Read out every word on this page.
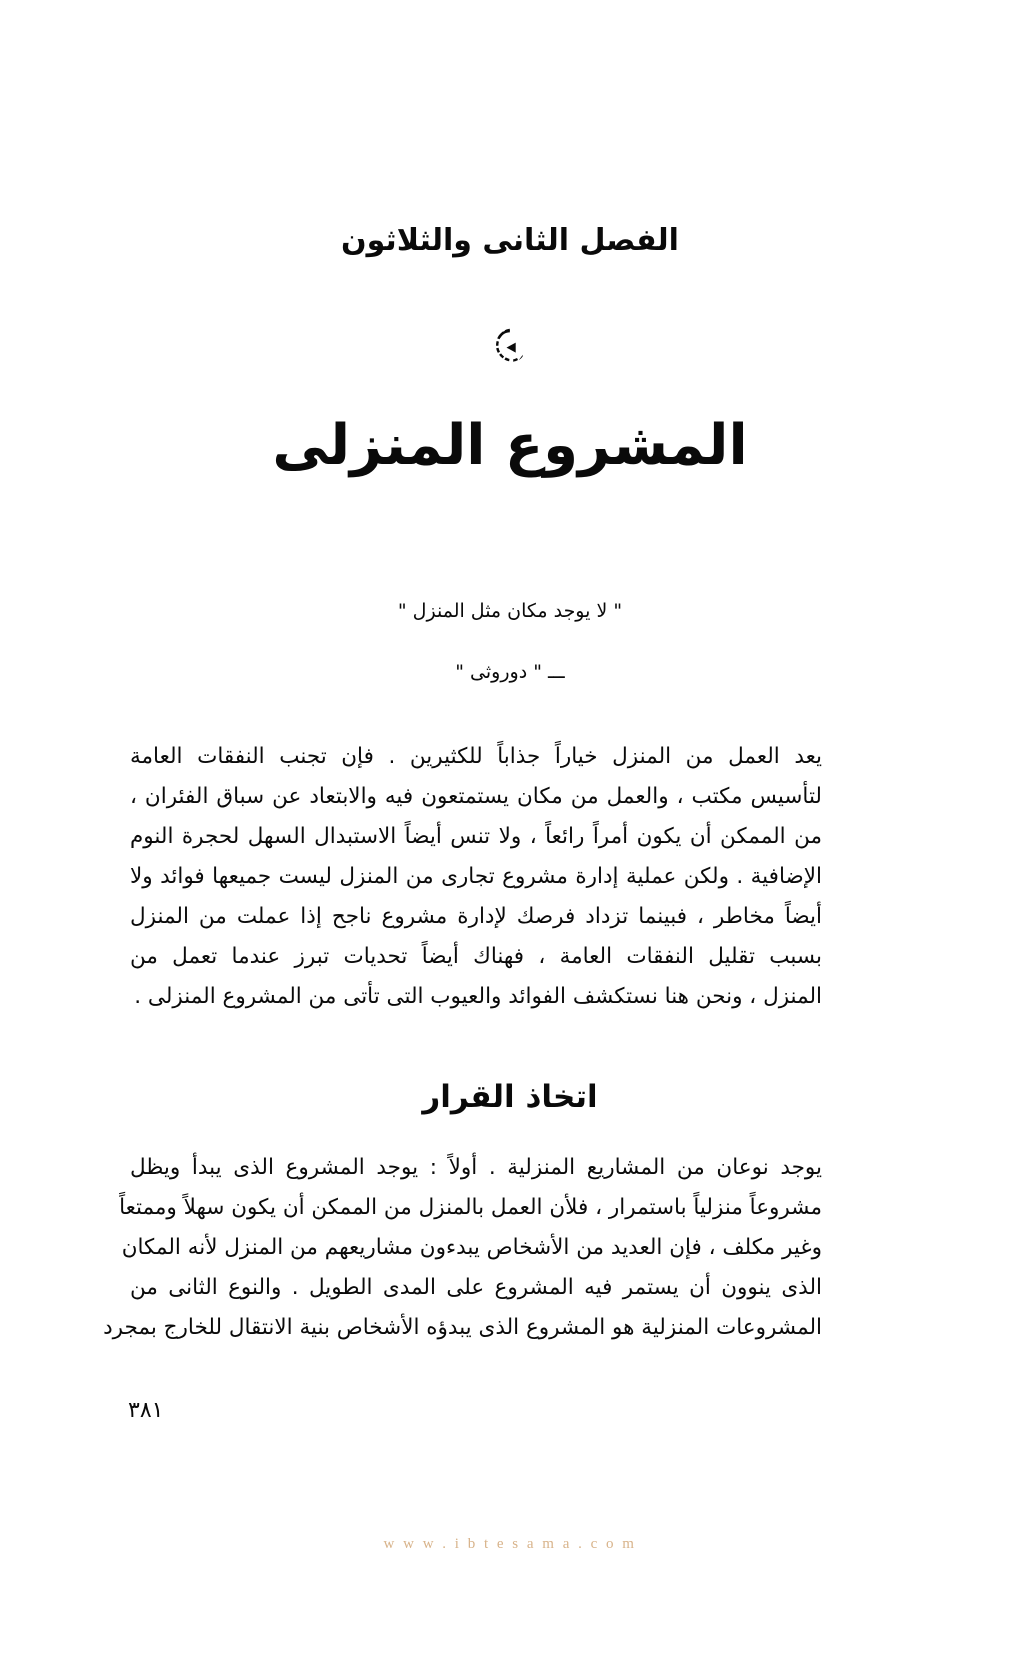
الفصل الثانى والثلاثون
المشروع المنزلى
" لا يوجد مكان مثل المنزل "
ـــ " دوروثى "
يعد العمل من المنزل خياراً جذاباً للكثيرين . فإن تجنب النفقات العامة
لتأسيس مكتب ، والعمل من مكان يستمتعون فيه والابتعاد عن سباق الفئران ،
من الممكن أن يكون أمراً رائعاً ، ولا تنس أيضاً الاستبدال السهل لحجرة النوم
الإضافية . ولكن عملية إدارة مشروع تجارى من المنزل ليست جميعها فوائد ولا
أيضاً مخاطر ، فبينما تزداد فرصك لإدارة مشروع ناجح إذا عملت من المنزل
بسبب تقليل النفقات العامة ، فهناك أيضاً تحديات تبرز عندما تعمل من
المنزل ، ونحن هنا نستكشف الفوائد والعيوب التى تأتى من المشروع المنزلى .
اتخاذ القرار
يوجد نوعان من المشاريع المنزلية . أولاً : يوجد المشروع الذى يبدأ ويظل
مشروعاً منزلياً باستمرار ، فلأن العمل بالمنزل من الممكن أن يكون سهلاً وممتعاً
وغير مكلف ، فإن العديد من الأشخاص يبدءون مشاريعهم من المنزل لأنه المكان
الذى ينوون أن يستمر فيه المشروع على المدى الطويل . والنوع الثانى من
المشروعات المنزلية هو المشروع الذى يبدؤه الأشخاص بنية الانتقال للخارج بمجرد
٣٨١
w w w . i b t e s a m a . c o m
